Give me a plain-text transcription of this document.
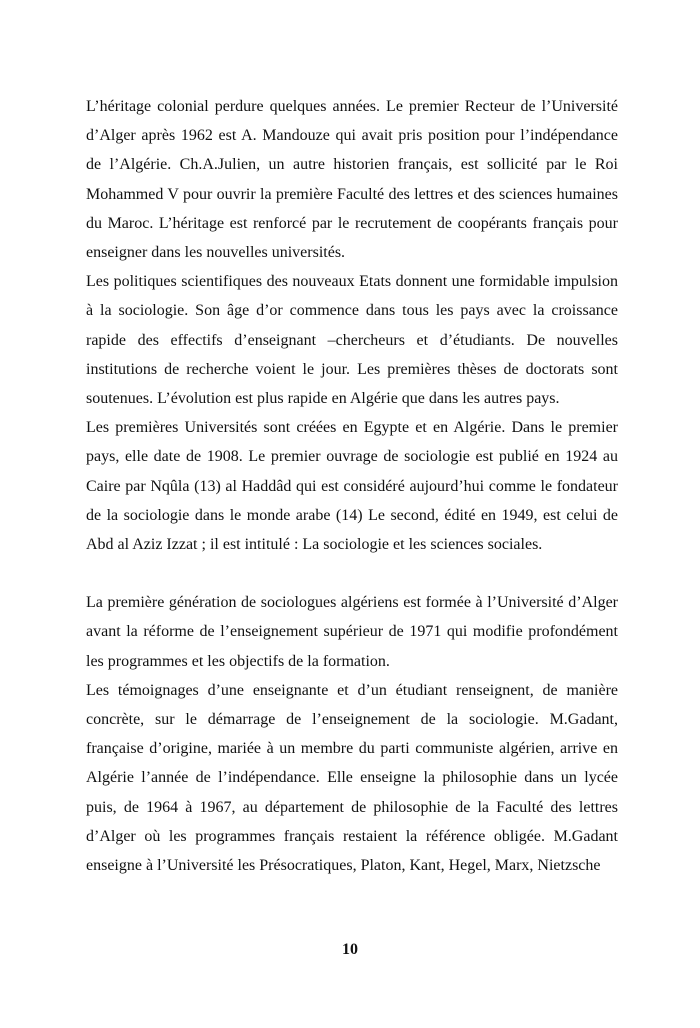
L’héritage colonial perdure quelques années. Le premier Recteur de l’Université d’Alger après 1962 est A. Mandouze qui avait pris position pour l’indépendance de l’Algérie. Ch.A.Julien, un autre historien français, est sollicité par le Roi Mohammed V pour ouvrir la première Faculté des lettres et des sciences humaines du Maroc. L’héritage est renforcé par le recrutement de coopérants français pour enseigner dans les nouvelles universités.

Les politiques scientifiques des nouveaux Etats donnent une formidable impulsion à la sociologie. Son âge d’or commence dans tous les pays avec la croissance rapide des effectifs d’enseignant –chercheurs et d’étudiants. De nouvelles institutions de recherche voient le jour. Les premières thèses de doctorats sont soutenues. L’évolution est plus rapide en Algérie que dans les autres pays.

Les premières Universités sont créées en Egypte et en Algérie. Dans le premier pays, elle date de 1908. Le premier ouvrage de sociologie est publié en 1924 au Caire par Nqûla (13) al Haddâd qui est considéré aujourd’hui comme le fondateur de la sociologie dans le monde arabe (14) Le second, édité en 1949, est celui de Abd al Aziz Izzat ; il est intitulé : La sociologie et les sciences sociales.

La première génération de sociologues algériens est formée à l’Université d’Alger avant la réforme de l’enseignement supérieur de 1971 qui modifie profondément les programmes et les objectifs de la formation.

Les témoignages d’une enseignante et d’un étudiant renseignent, de manière concrète, sur le démarrage de l’enseignement de la sociologie. M.Gadant, française d’origine, mariée à un membre du parti communiste algérien, arrive en Algérie l’année de l’indépendance. Elle enseigne la philosophie dans un lycée puis, de 1964 à 1967, au département de philosophie de la Faculté des lettres d’Alger où les programmes français restaient la référence obligée. M.Gadant enseigne à l’Université les Présocratiques, Platon, Kant, Hegel, Marx, Nietzsche

10
